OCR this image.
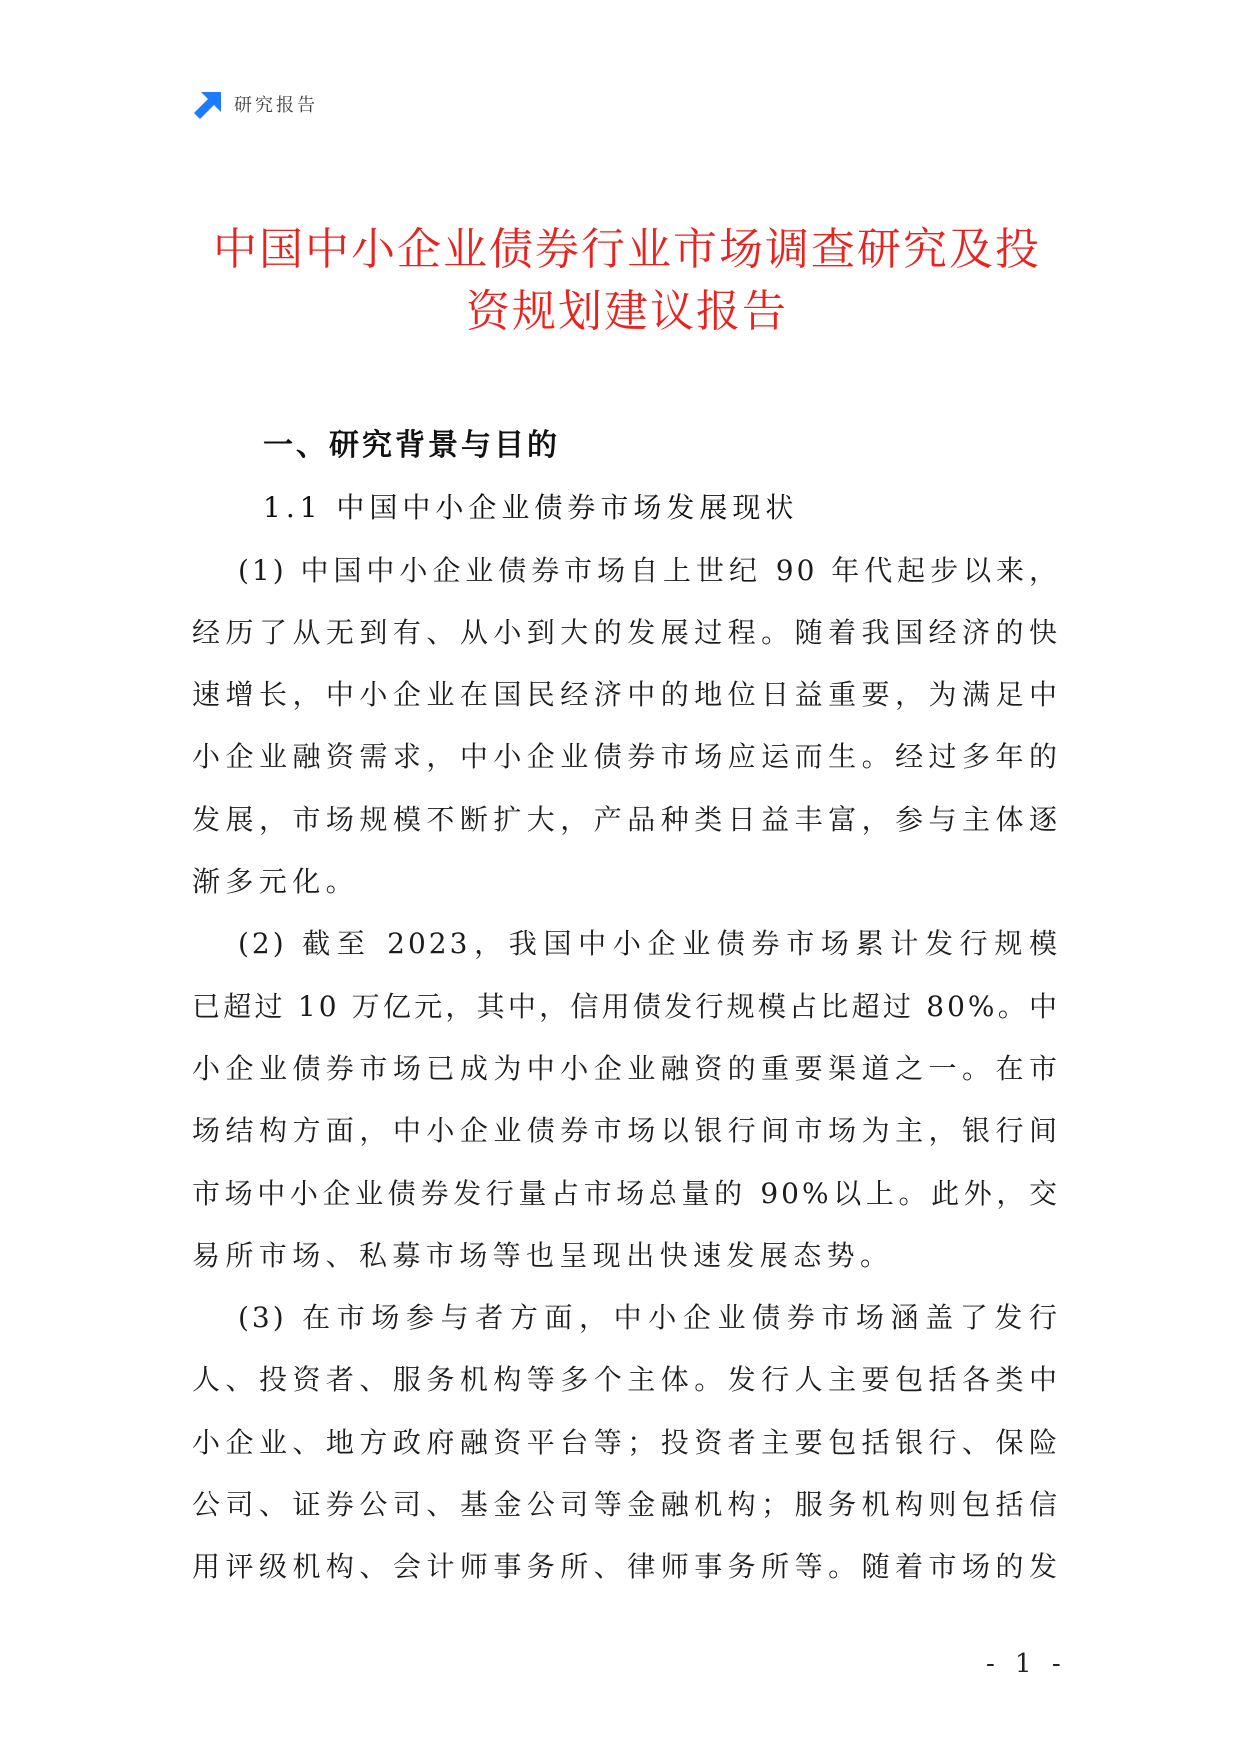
研究报告
中国中小企业债券行业市场调查研究及投
资规划建议报告
一、研究背景与目的
1.1 中国中小企业债券市场发展现状
(1) 中国中小企业债券市场自上世纪 90 年代起步以来，
经历了从无到有、从小到大的发展过程。随着我国经济的快
速增长，中小企业在国民经济中的地位日益重要，为满足中
小企业融资需求，中小企业债券市场应运而生。经过多年的
发展，市场规模不断扩大，产品种类日益丰富，参与主体逐
渐多元化。
(2) 截至 2023，我国中小企业债券市场累计发行规模
已超过 10 万亿元，其中，信用债发行规模占比超过 80%。中
小企业债券市场已成为中小企业融资的重要渠道之一。在市
场结构方面，中小企业债券市场以银行间市场为主，银行间
市场中小企业债券发行量占市场总量的 90%以上。此外，交
易所市场、私募市场等也呈现出快速发展态势。
(3) 在市场参与者方面，中小企业债券市场涵盖了发行
人、投资者、服务机构等多个主体。发行人主要包括各类中
小企业、地方政府融资平台等；投资者主要包括银行、保险
公司、证券公司、基金公司等金融机构；服务机构则包括信
用评级机构、会计师事务所、律师事务所等。随着市场的发
- 1 -
